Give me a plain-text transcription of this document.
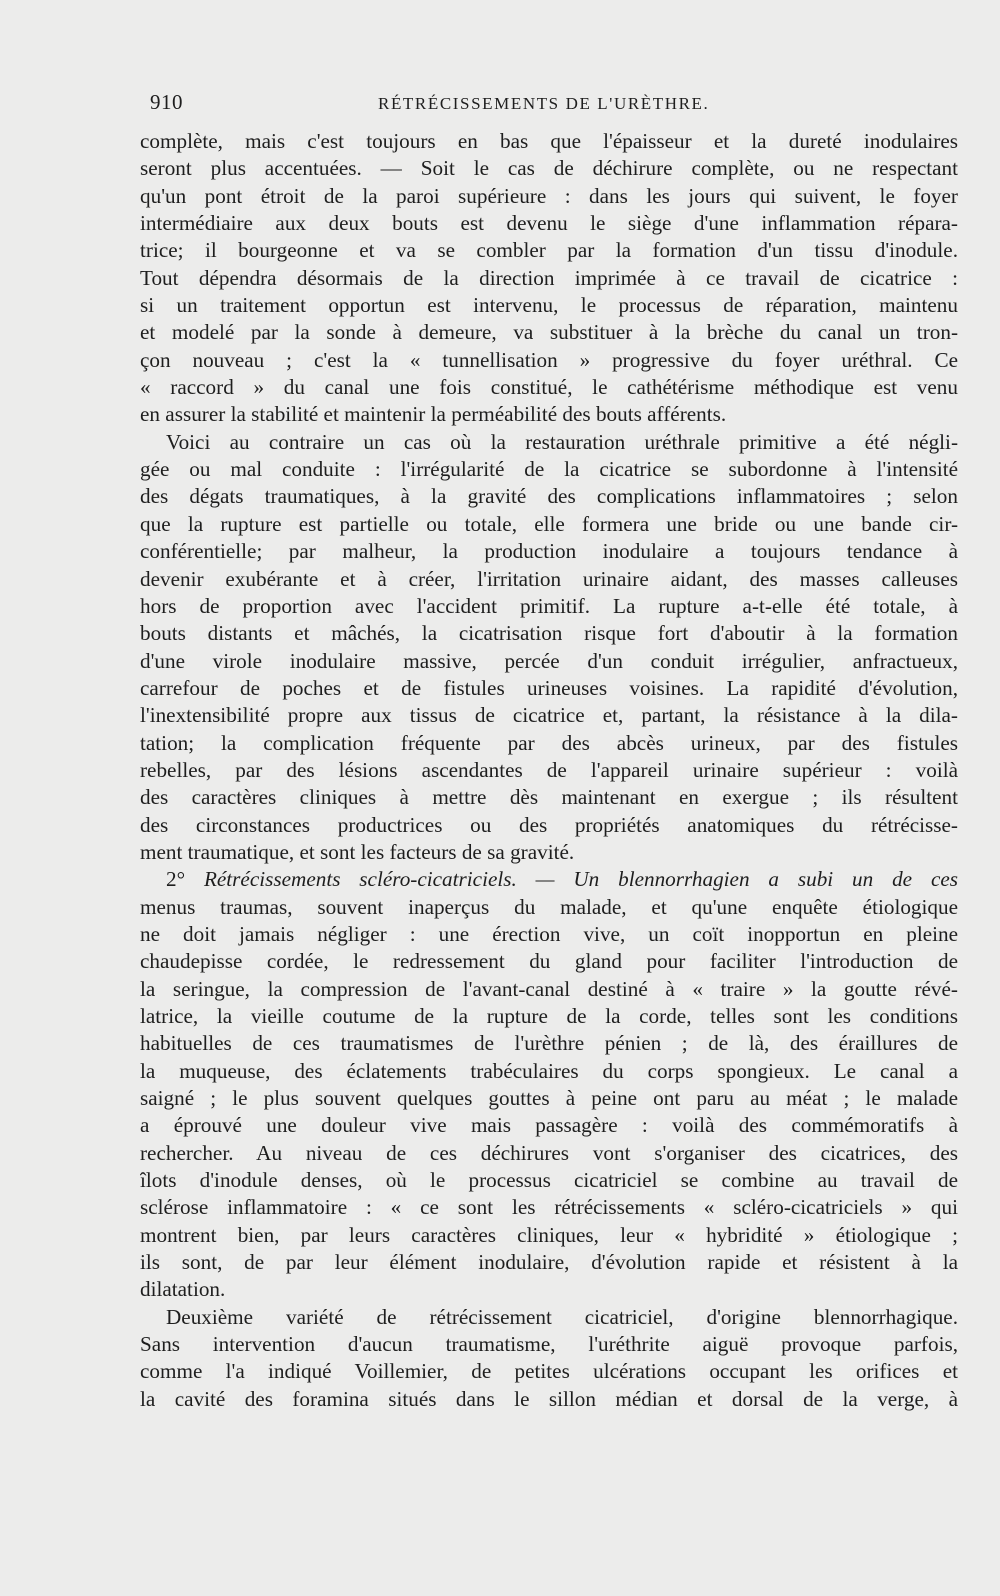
910	RÉTRÉCISSEMENTS DE L'URÈTHRE.
complète, mais c'est toujours en bas que l'épaisseur et la dureté inodulaires
seront plus accentuées. — Soit le cas de déchirure complète, ou ne respectant
qu'un pont étroit de la paroi supérieure : dans les jours qui suivent, le foyer
intermédiaire aux deux bouts est devenu le siège d'une inflammation répara-
trice; il bourgeonne et va se combler par la formation d'un tissu d'inodule.
Tout dépendra désormais de la direction imprimée à ce travail de cicatrice :
si un traitement opportun est intervenu, le processus de réparation, maintenu
et modelé par la sonde à demeure, va substituer à la brèche du canal un tron-
çon nouveau ; c'est la « tunnellisation » progressive du foyer uréthral. Ce
« raccord » du canal une fois constitué, le cathétérisme méthodique est venu
en assurer la stabilité et maintenir la perméabilité des bouts afférents.
Voici au contraire un cas où la restauration uréthrale primitive a été négli-
gée ou mal conduite : l'irrégularité de la cicatrice se subordonne à l'intensité
des dégats traumatiques, à la gravité des complications inflammatoires ; selon
que la rupture est partielle ou totale, elle formera une bride ou une bande cir-
conférentielle; par malheur, la production inodulaire a toujours tendance à
devenir exubérante et à créer, l'irritation urinaire aidant, des masses calleuses
hors de proportion avec l'accident primitif. La rupture a-t-elle été totale, à
bouts distants et mâchés, la cicatrisation risque fort d'aboutir à la formation
d'une virole inodulaire massive, percée d'un conduit irrégulier, anfractueux,
carrefour de poches et de fistules urineuses voisines. La rapidité d'évolution,
l'inextensibilité propre aux tissus de cicatrice et, partant, la résistance à la dila-
tation; la complication fréquente par des abcès urineux, par des fistules
rebelles, par des lésions ascendantes de l'appareil urinaire supérieur : voilà
des caractères cliniques à mettre dès maintenant en exergue ; ils résultent
des circonstances productrices ou des propriétés anatomiques du rétrécisse-
ment traumatique, et sont les facteurs de sa gravité.
2° Rétrécissements scléro-cicatriciels. — Un blennorrhagien a subi un de ces
menus traumas, souvent inaperçus du malade, et qu'une enquête étiologique
ne doit jamais négliger : une érection vive, un coït inopportun en pleine
chaudepisse cordée, le redressement du gland pour faciliter l'introduction de
la seringue, la compression de l'avant-canal destiné à « traire » la goutte révé-
latrice, la vieille coutume de la rupture de la corde, telles sont les conditions
habituelles de ces traumatismes de l'urèthre pénien ; de là, des éraillures de
la muqueuse, des éclatements trabéculaires du corps spongieux. Le canal a
saigné ; le plus souvent quelques gouttes à peine ont paru au méat ; le malade
a éprouvé une douleur vive mais passagère : voilà des commémoratifs à
rechercher. Au niveau de ces déchirures vont s'organiser des cicatrices, des
îlots d'inodule denses, où le processus cicatriciel se combine au travail de
sclérose inflammatoire : « ce sont les rétrécissements « scléro-cicatriciels » qui
montrent bien, par leurs caractères cliniques, leur « hybridité » étiologique ;
ils sont, de par leur élément inodulaire, d'évolution rapide et résistent à la
dilatation.
Deuxième variété de rétrécissement cicatriciel, d'origine blennorrhagique.
Sans intervention d'aucun traumatisme, l'uréthrite aiguë provoque parfois,
comme l'a indiqué Voillemier, de petites ulcérations occupant les orifices et
la cavité des foramina situés dans le sillon médian et dorsal de la verge, à
